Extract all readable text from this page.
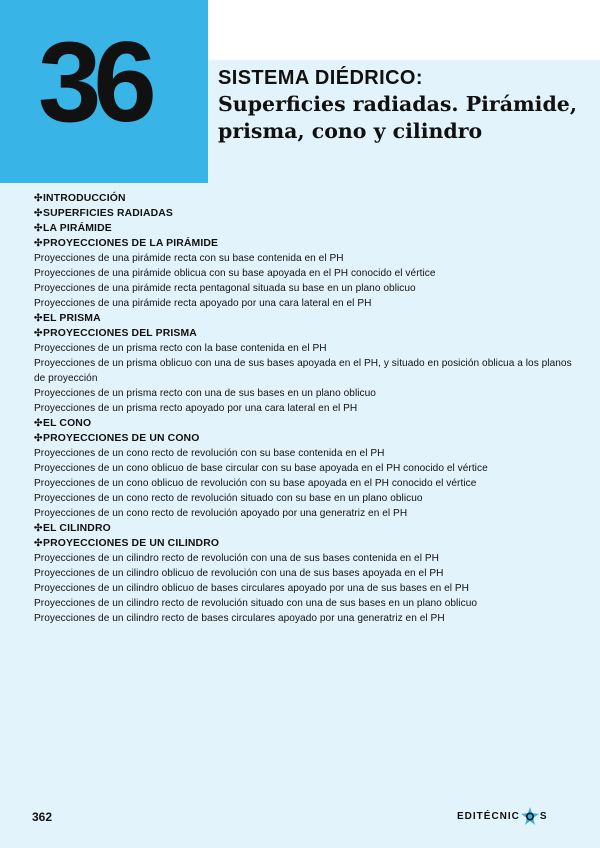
36	SISTEMA DIÉDRICO:
Superficies radiadas. Pirámide,
prisma, cono y cilindro
✣INTRODUCCIÓN
✣SUPERFICIES RADIADAS
✣LA PIRÁMIDE
✣PROYECCIONES DE LA PIRÁMIDE
Proyecciones de una pirámide recta con su base contenida en el PH
Proyecciones de una pirámide oblicua con su base apoyada en el PH conocido el vértice
Proyecciones de una pirámide recta pentagonal situada su base en un plano oblicuo
Proyecciones de una pirámide recta apoyado por una cara lateral en el PH
✣EL PRISMA
✣PROYECCIONES DEL PRISMA
Proyecciones de un prisma recto con la base contenida en el PH
Proyecciones de un prisma oblicuo con una de sus bases apoyada en el PH, y situado en posición oblicua a los planos de proyección
Proyecciones de un prisma recto con una de sus bases en un plano oblicuo
Proyecciones de un prisma recto apoyado por una cara lateral en el PH
✣EL CONO
✣PROYECCIONES DE UN CONO
Proyecciones de un cono recto de revolución con su base contenida en el PH
Proyecciones de un cono oblicuo de base circular con su base apoyada en el PH conocido el vértice
Proyecciones de un cono oblicuo de revolución con su base apoyada en el PH conocido el vértice
Proyecciones de un cono recto de revolución situado con su base en un plano oblicuo
Proyecciones de un cono recto de revolución apoyado por una generatriz en el PH
✣EL CILINDRO
✣PROYECCIONES DE UN CILINDRO
Proyecciones de un cilindro recto de revolución con una de sus bases contenida en el PH
Proyecciones de un cilindro oblicuo de revolución con una de sus bases apoyada en el PH
Proyecciones de un cilindro oblicuo de bases circulares apoyado por una de sus bases en el PH
Proyecciones de un cilindro recto de revolución situado con una de sus bases en un plano oblicuo
Proyecciones de un cilindro recto de bases circulares apoyado por una generatriz en el PH
362	EDITÉCNIC S
